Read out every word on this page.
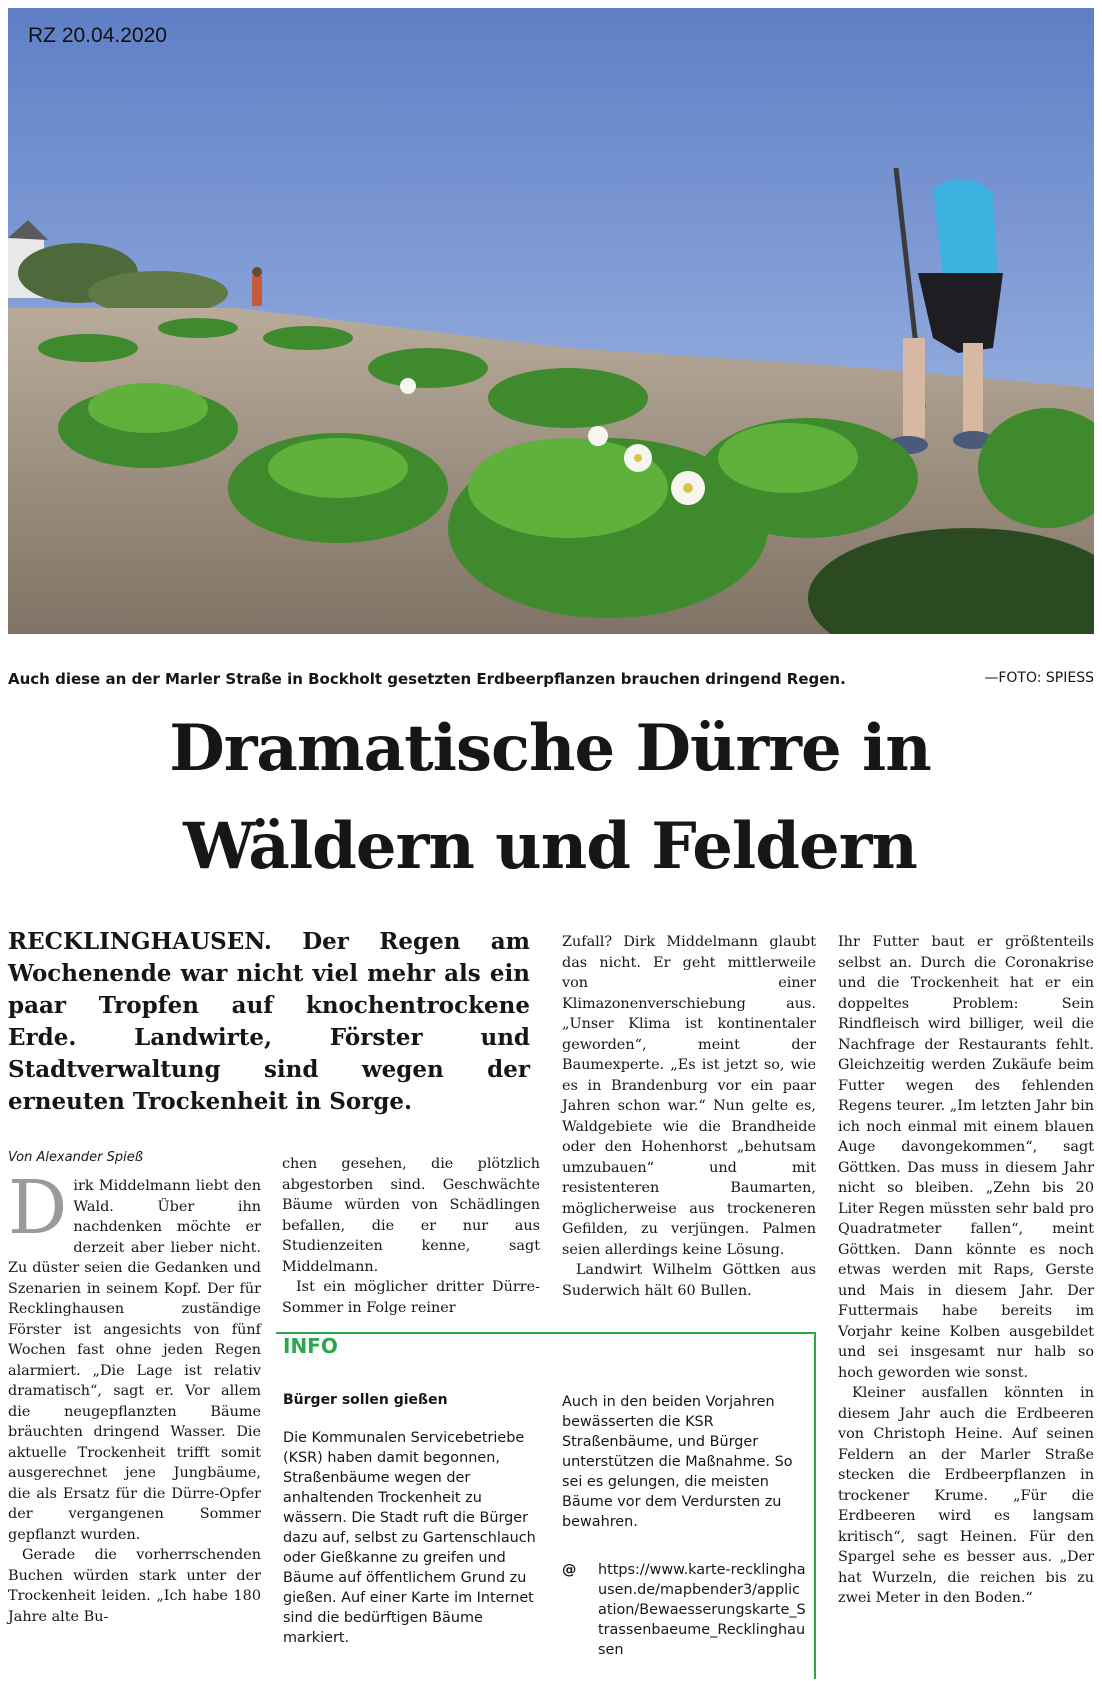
RZ 20.04.2020
Auch diese an der Marler Straße in Bockholt gesetzten Erdbeerpflanzen brauchen dringend Regen.	—FOTO: SPIESS
Dramatische Dürre in
Wäldern und Feldern

RECKLINGHAUSEN. Der Regen am Wochenende war nicht viel mehr als ein paar Tropfen auf knochentrockene Erde. Landwirte, Förster und Stadtverwaltung sind wegen der erneuten Trockenheit in Sorge.

Von Alexander Spieß

Dirk Middelmann liebt den Wald. Über ihn nachdenken möchte er derzeit aber lieber nicht. Zu düster seien die Gedanken und Szenarien in seinem Kopf. Der für Recklinghausen zuständige Förster ist angesichts von fünf Wochen fast ohne jeden Regen alarmiert. „Die Lage ist relativ dramatisch“, sagt er. Vor allem die neugepflanzten Bäume bräuchten dringend Wasser. Die aktuelle Trockenheit trifft somit ausgerechnet jene Jungbäume, die als Ersatz für die Dürre-Opfer der vergangenen Sommer gepflanzt wurden.

Gerade die vorherrschenden Buchen würden stark unter der Trockenheit leiden. „Ich habe 180 Jahre alte Bu-

chen gesehen, die plötzlich abgestorben sind. Geschwächte Bäume würden von Schädlingen befallen, die er nur aus Studienzeiten kenne, sagt Middelmann.

Ist ein möglicher dritter Dürre-Sommer in Folge reiner

Zufall? Dirk Middelmann glaubt das nicht. Er geht mittlerweile von einer Klimazonenverschiebung aus. „Unser Klima ist kontinentaler geworden“, meint der Baumexperte. „Es ist jetzt so, wie es in Brandenburg vor ein paar Jahren schon war.“ Nun gelte es, Waldgebiete wie die Brandheide oder den Hohenhorst „behutsam umzubauen“ und mit resistenteren Baumarten, möglicherweise aus trockeneren Gefilden, zu verjüngen. Palmen seien allerdings keine Lösung.

Landwirt Wilhelm Göttken aus Suderwich hält 60 Bullen.

Ihr Futter baut er größtenteils selbst an. Durch die Coronakrise und die Trockenheit hat er ein doppeltes Problem: Sein Rindfleisch wird billiger, weil die Nachfrage der Restaurants fehlt. Gleichzeitig werden Zukäufe beim Futter wegen des fehlenden Regens teurer. „Im letzten Jahr bin ich noch einmal mit einem blauen Auge davongekommen“, sagt Göttken. Das muss in diesem Jahr nicht so bleiben. „Zehn bis 20 Liter Regen müssten sehr bald pro Quadratmeter fallen“, meint Göttken. Dann könnte es noch etwas werden mit Raps, Gerste und Mais in diesem Jahr. Der Futtermais habe bereits im Vorjahr keine Kolben ausgebildet und sei insgesamt nur halb so hoch geworden wie sonst.

Kleiner ausfallen könnten in diesem Jahr auch die Erdbeeren von Christoph Heine. Auf seinen Feldern an der Marler Straße stecken die Erdbeerpflanzen in trockener Krume. „Für die Erdbeeren wird es langsam kritisch“, sagt Heinen. Für den Spargel sehe es besser aus. „Der hat Wurzeln, die reichen bis zu zwei Meter in den Boden.“

INFO
Bürger sollen gießen

Die Kommunalen Servicebetriebe (KSR) haben damit begonnen, Straßenbäume wegen der anhaltenden Trockenheit zu wässern. Die Stadt ruft die Bürger dazu auf, selbst zu Gartenschlauch oder Gießkanne zu greifen und Bäume auf öffentlichem Grund zu gießen. Auf einer Karte im Internet sind die bedürftigen Bäume markiert.

Auch in den beiden Vorjahren bewässerten die KSR Straßenbäume, und Bürger unterstützen die Maßnahme. So sei es gelungen, die meisten Bäume vor dem Verdursten zu bewahren.

@ https://www.karte-recklinghausen.de/mapbender3/application/Bewaesserungskarte_Strassenbaeume_Recklinghausen
